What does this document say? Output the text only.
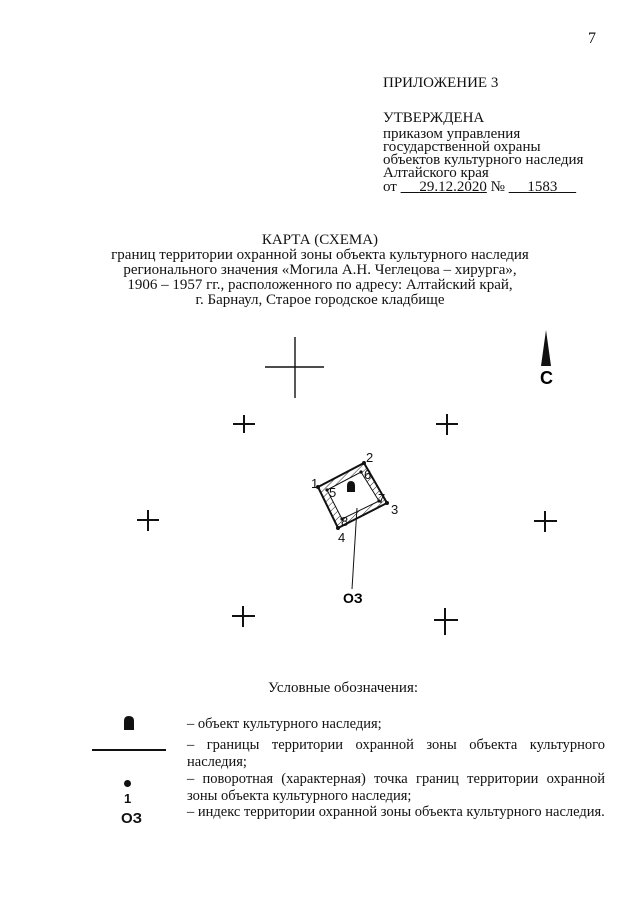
7
ПРИЛОЖЕНИЕ 3
УТВЕРЖДЕНА
приказом управления
государственной охраны
объектов культурного наследия
Алтайского края
от 29.12.2020 № 1583
КАРТА (СХЕМА)
границ территории охранной зоны объекта культурного наследия
регионального значения «Могила А.Н. Чеглецова – хирурга»,
1906 – 1957 гг., расположенного по адресу: Алтайский край,
г. Барнаул, Старое городское кладбище
С
1
2
3
4
5
6
7
8
ОЗ
Условные обозначения:
– объект культурного наследия;
– границы территории охранной зоны объекта культурного наследия;
1
– поворотная (характерная) точка границ территории охранной зоны объекта культурного наследия;
ОЗ	– индекс территории охранной зоны объекта культурного наследия.
